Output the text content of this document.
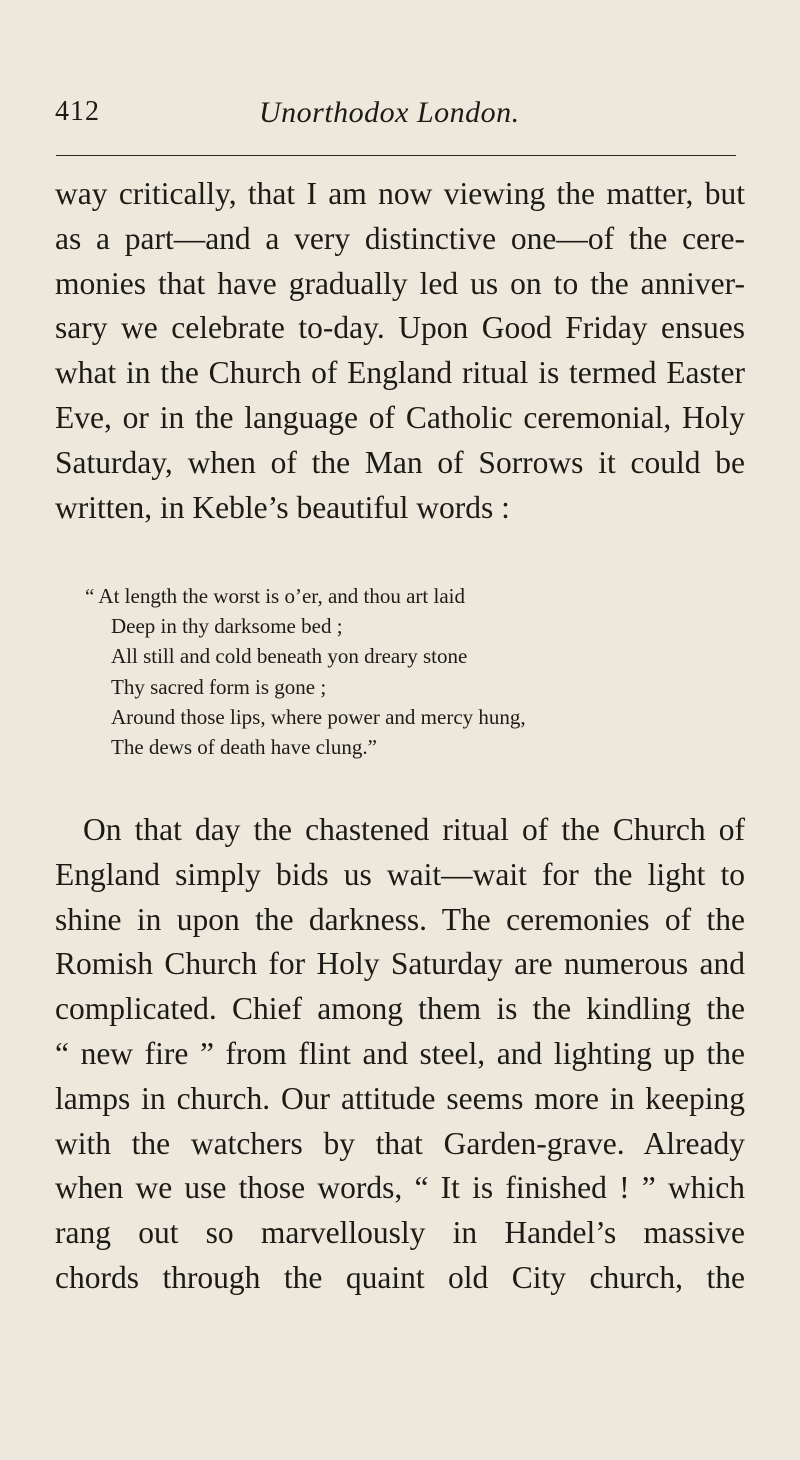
412	Unorthodox London.

way critically, that I am now viewing the matter, but
as a part—and a very distinctive one—of the cere-
monies that have gradually led us on to the anniver-
sary we celebrate to-day. Upon Good Friday ensues
what in the Church of England ritual is termed Easter
Eve, or in the language of Catholic ceremonial, Holy
Saturday, when of the Man of Sorrows it could be
written, in Keble’s beautiful words :

“ At length the worst is o’er, and thou art laid
Deep in thy darksome bed ;
All still and cold beneath yon dreary stone
Thy sacred form is gone ;
Around those lips, where power and mercy hung,
The dews of death have clung.”

On that day the chastened ritual of the Church of
England simply bids us wait—wait for the light to
shine in upon the darkness. The ceremonies of the
Romish Church for Holy Saturday are numerous and
complicated. Chief among them is the kindling the
“ new fire ” from flint and steel, and lighting up the
lamps in church. Our attitude seems more in keeping
with the watchers by that Garden-grave. Already
when we use those words, “ It is finished ! ” which
rang out so marvellously in Handel’s massive
chords through the quaint old City church, the
